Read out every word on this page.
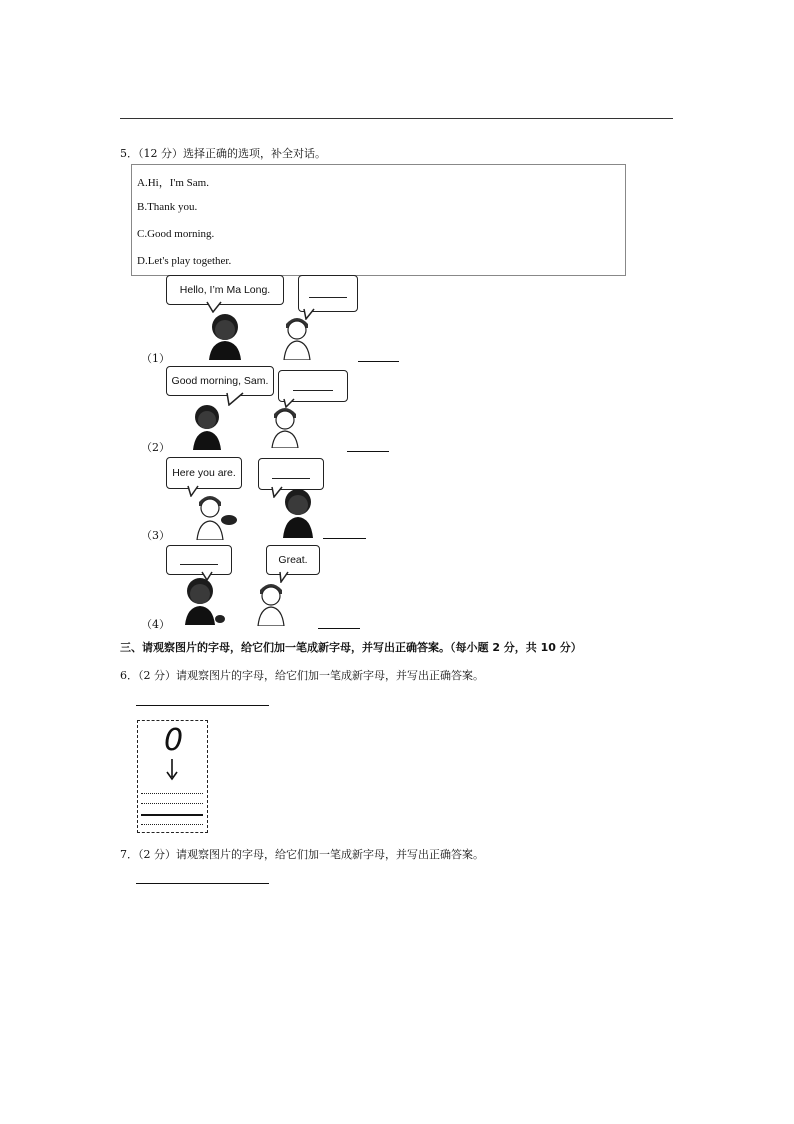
5．（12 分）选择正确的选项，补全对话。
A.Hi，I'm Sam.
B.Thank you.
C.Good morning.
D.Let's play together.
Hello, I’m Ma Long.
（1）
Good morning, Sam.
（2）
Here you are.
（3）
Great.
（4）
三、请观察图片的字母，给它们加一笔成新字母，并写出正确答案。（每小题 2 分，共 10 分）
6．（2 分）请观察图片的字母，给它们加一笔成新字母，并写出正确答案。
0
7．（2 分）请观察图片的字母，给它们加一笔成新字母，并写出正确答案。
